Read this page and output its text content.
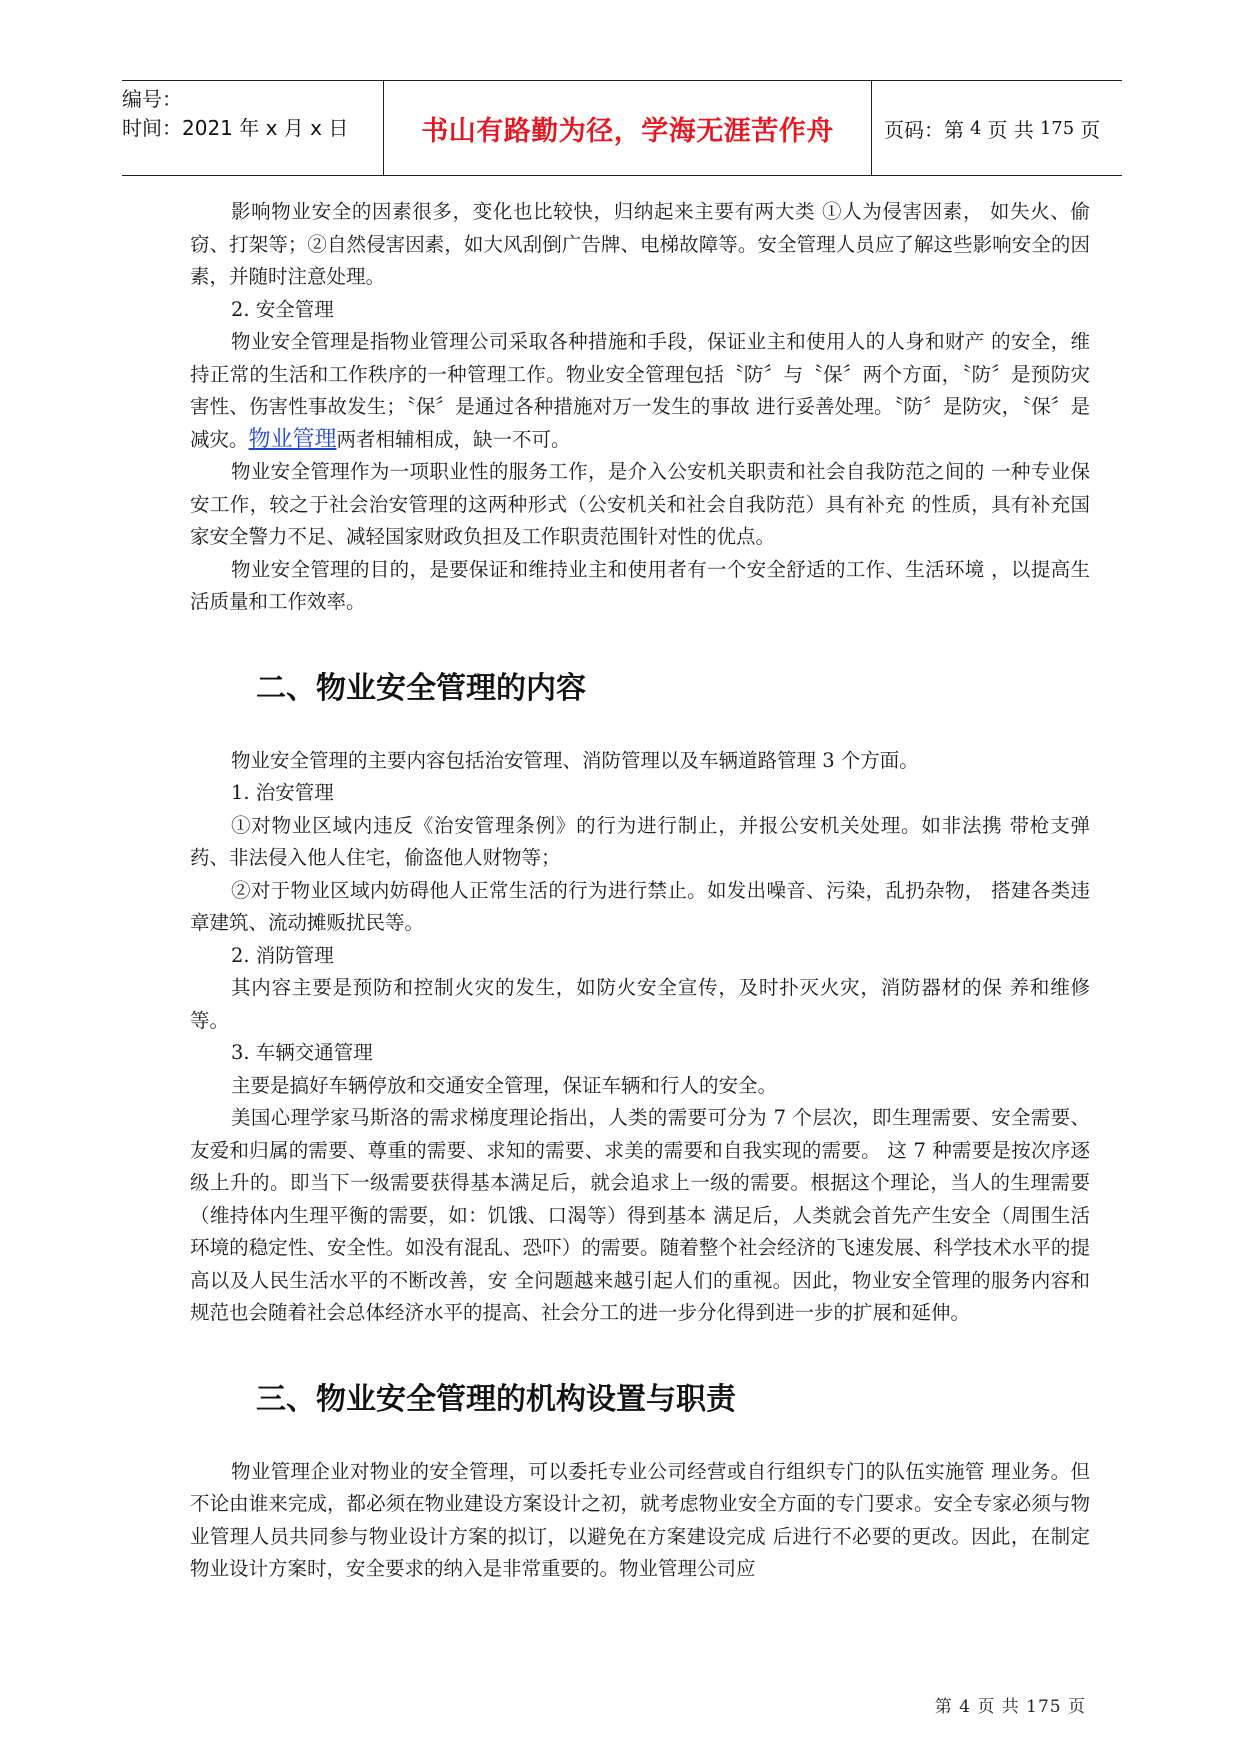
编号：
时间：2021 年 x 月 x 日	书山有路勤为径，学海无涯苦作舟	页码：第 4 页 共 175 页

影响物业安全的因素很多，变化也比较快，归纳起来主要有两大类 ①人为侵害因素， 如失火、偷窃、打架等；②自然侵害因素，如大风刮倒广告牌、电梯故障等。安全管理人员应了解这些影响安全的因素，并随时注意处理。

2. 安全管理

物业安全管理是指物业管理公司采取各种措施和手段，保证业主和使用人的人身和财产 的安全，维持正常的生活和工作秩序的一种管理工作。物业安全管理包括〝防〞与〝保〞两个方面，〝防〞是预防灾害性、伤害性事故发生；〝保〞是通过各种措施对万一发生的事故 进行妥善处理。〝防〞是防灾，〝保〞是减灾。物业管理两者相辅相成，缺一不可。

物业安全管理作为一项职业性的服务工作，是介入公安机关职责和社会自我防范之间的 一种专业保安工作，较之于社会治安管理的这两种形式（公安机关和社会自我防范）具有补充 的性质，具有补充国家安全警力不足、减轻国家财政负担及工作职责范围针对性的优点。

物业安全管理的目的，是要保证和维持业主和使用者有一个安全舒适的工作、生活环境 ，以提高生活质量和工作效率。

二、物业安全管理的内容

物业安全管理的主要内容包括治安管理、消防管理以及车辆道路管理 3 个方面。

1. 治安管理

①对物业区域内违反《治安管理条例》的行为进行制止，并报公安机关处理。如非法携 带枪支弹药、非法侵入他人住宅，偷盗他人财物等；

②对于物业区域内妨碍他人正常生活的行为进行禁止。如发出噪音、污染，乱扔杂物， 搭建各类违章建筑、流动摊贩扰民等。

2. 消防管理

其内容主要是预防和控制火灾的发生，如防火安全宣传，及时扑灭火灾，消防器材的保 养和维修等。

3. 车辆交通管理

主要是搞好车辆停放和交通安全管理，保证车辆和行人的安全。

美国心理学家马斯洛的需求梯度理论指出，人类的需要可分为 7 个层次，即生理需要、安全需要、友爱和归属的需要、尊重的需要、求知的需要、求美的需要和自我实现的需要。 这 7 种需要是按次序逐级上升的。即当下一级需要获得基本满足后，就会追求上一级的需要。根据这个理论，当人的生理需要（维持体内生理平衡的需要，如：饥饿、口渴等）得到基本 满足后，人类就会首先产生安全（周围生活环境的稳定性、安全性。如没有混乱、恐吓）的需要。随着整个社会经济的飞速发展、科学技术水平的提高以及人民生活水平的不断改善，安 全问题越来越引起人们的重视。因此，物业安全管理的服务内容和规范也会随着社会总体经济水平的提高、社会分工的进一步分化得到进一步的扩展和延伸。

三、物业安全管理的机构设置与职责

物业管理企业对物业的安全管理，可以委托专业公司经营或自行组织专门的队伍实施管 理业务。但不论由谁来完成，都必须在物业建设方案设计之初，就考虑物业安全方面的专门要求。安全专家必须与物业管理人员共同参与物业设计方案的拟订，以避免在方案建设完成 后进行不必要的更改。因此，在制定物业设计方案时，安全要求的纳入是非常重要的。物业管理公司应

第 4 页 共 175 页
